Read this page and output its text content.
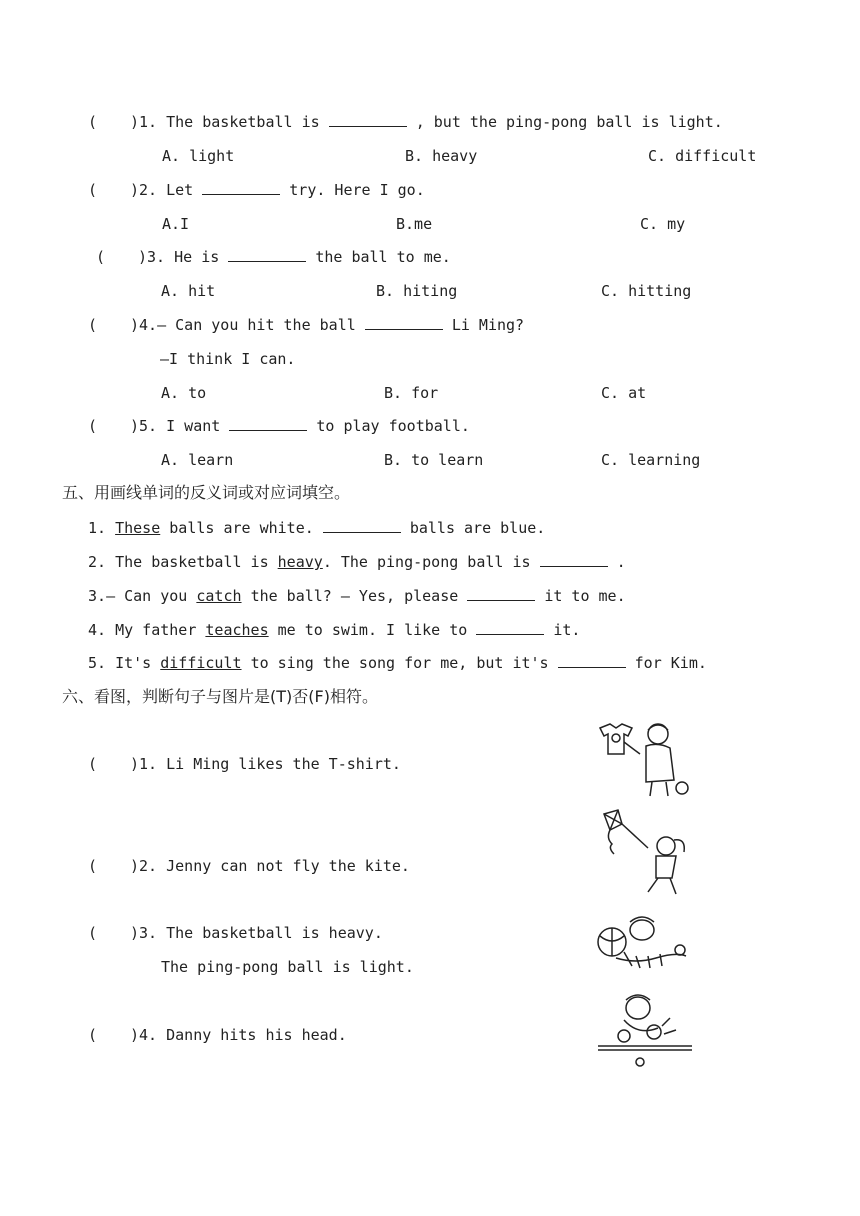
( )1. The basketball is	, but the ping-pong ball is light.
A. light	B. heavy	C. difficult
( )2. Let	try. Here I go.
A.I	B.me	C. my
( )3. He is	the ball to me.
A. hit	B. hiting	C. hitting
( )4.— Can you hit the ball	Li Ming?
—I think I can.
A. to	B. for	C. at
( )5. I want	to play football.
A. learn	B. to learn	C. learning
五、用画线单词的反义词或对应词填空。
1. These balls are white.	balls are blue.
2. The basketball is heavy. The ping-pong ball is	.
3.— Can you catch the ball? — Yes, please	it to me.
4. My father teaches me to swim. I like to	it.
5. It's difficult to sing the song for me, but it's	for Kim.
六、看图，判断句子与图片是(T)否(F)相符。
( )1. Li Ming likes the T-shirt.
( )2. Jenny can not fly the kite.
( )3. The basketball is heavy.
The ping-pong ball is light.
( )4. Danny hits his head.
